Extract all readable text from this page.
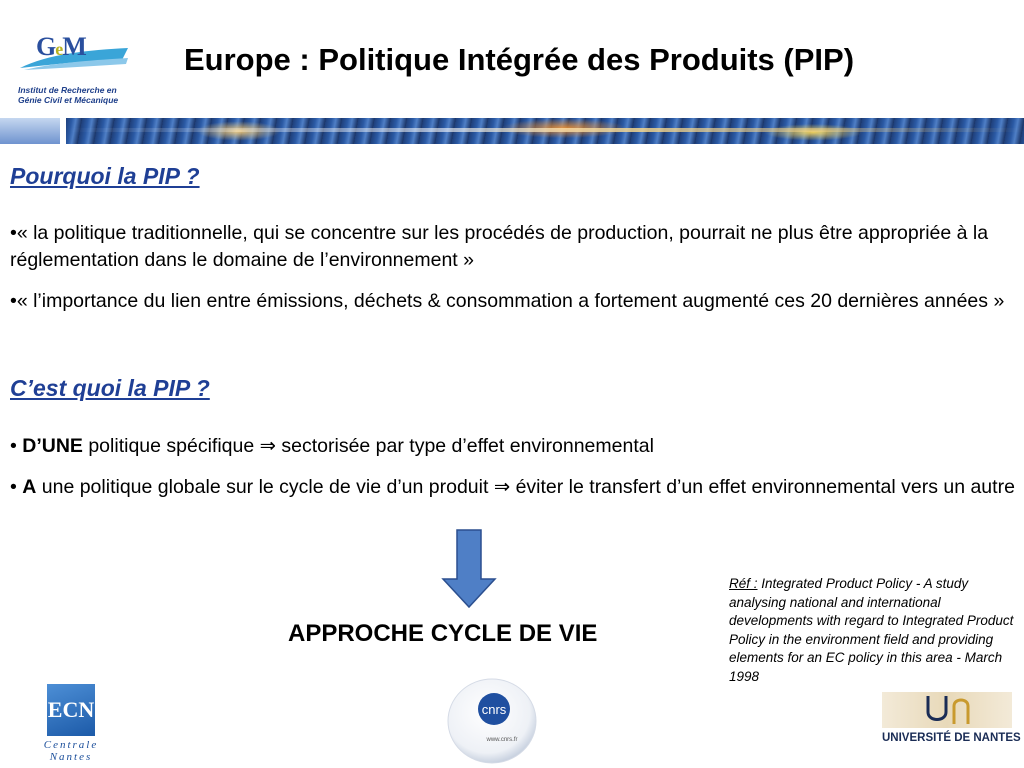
GeM
Institut de Recherche en
Génie Civil et Mécanique
Europe : Politique Intégrée des Produits (PIP)
Pourquoi la PIP ?
•« la politique traditionnelle, qui se concentre sur les procédés de production, pourrait ne plus être appropriée à la réglementation dans le domaine de l’environnement »
•« l’importance du lien entre émissions, déchets & consommation a fortement augmenté ces 20 dernières années »
C’est quoi la PIP ?
• D’UNE politique spécifique ⇒ sectorisée par type d’effet environnemental
• A une politique globale sur le cycle de vie d’un produit ⇒ éviter le transfert d’un effet environnemental vers un autre
APPROCHE CYCLE DE VIE
Réf : Integrated Product Policy - A study analysing national and international developments with regard to Integrated Product Policy in the environment field and providing elements for an EC policy in this area - March 1998
ECN
Centrale
Nantes
cnrs
www.cnrs.fr	UNIVERSITÉ DE NANTES
